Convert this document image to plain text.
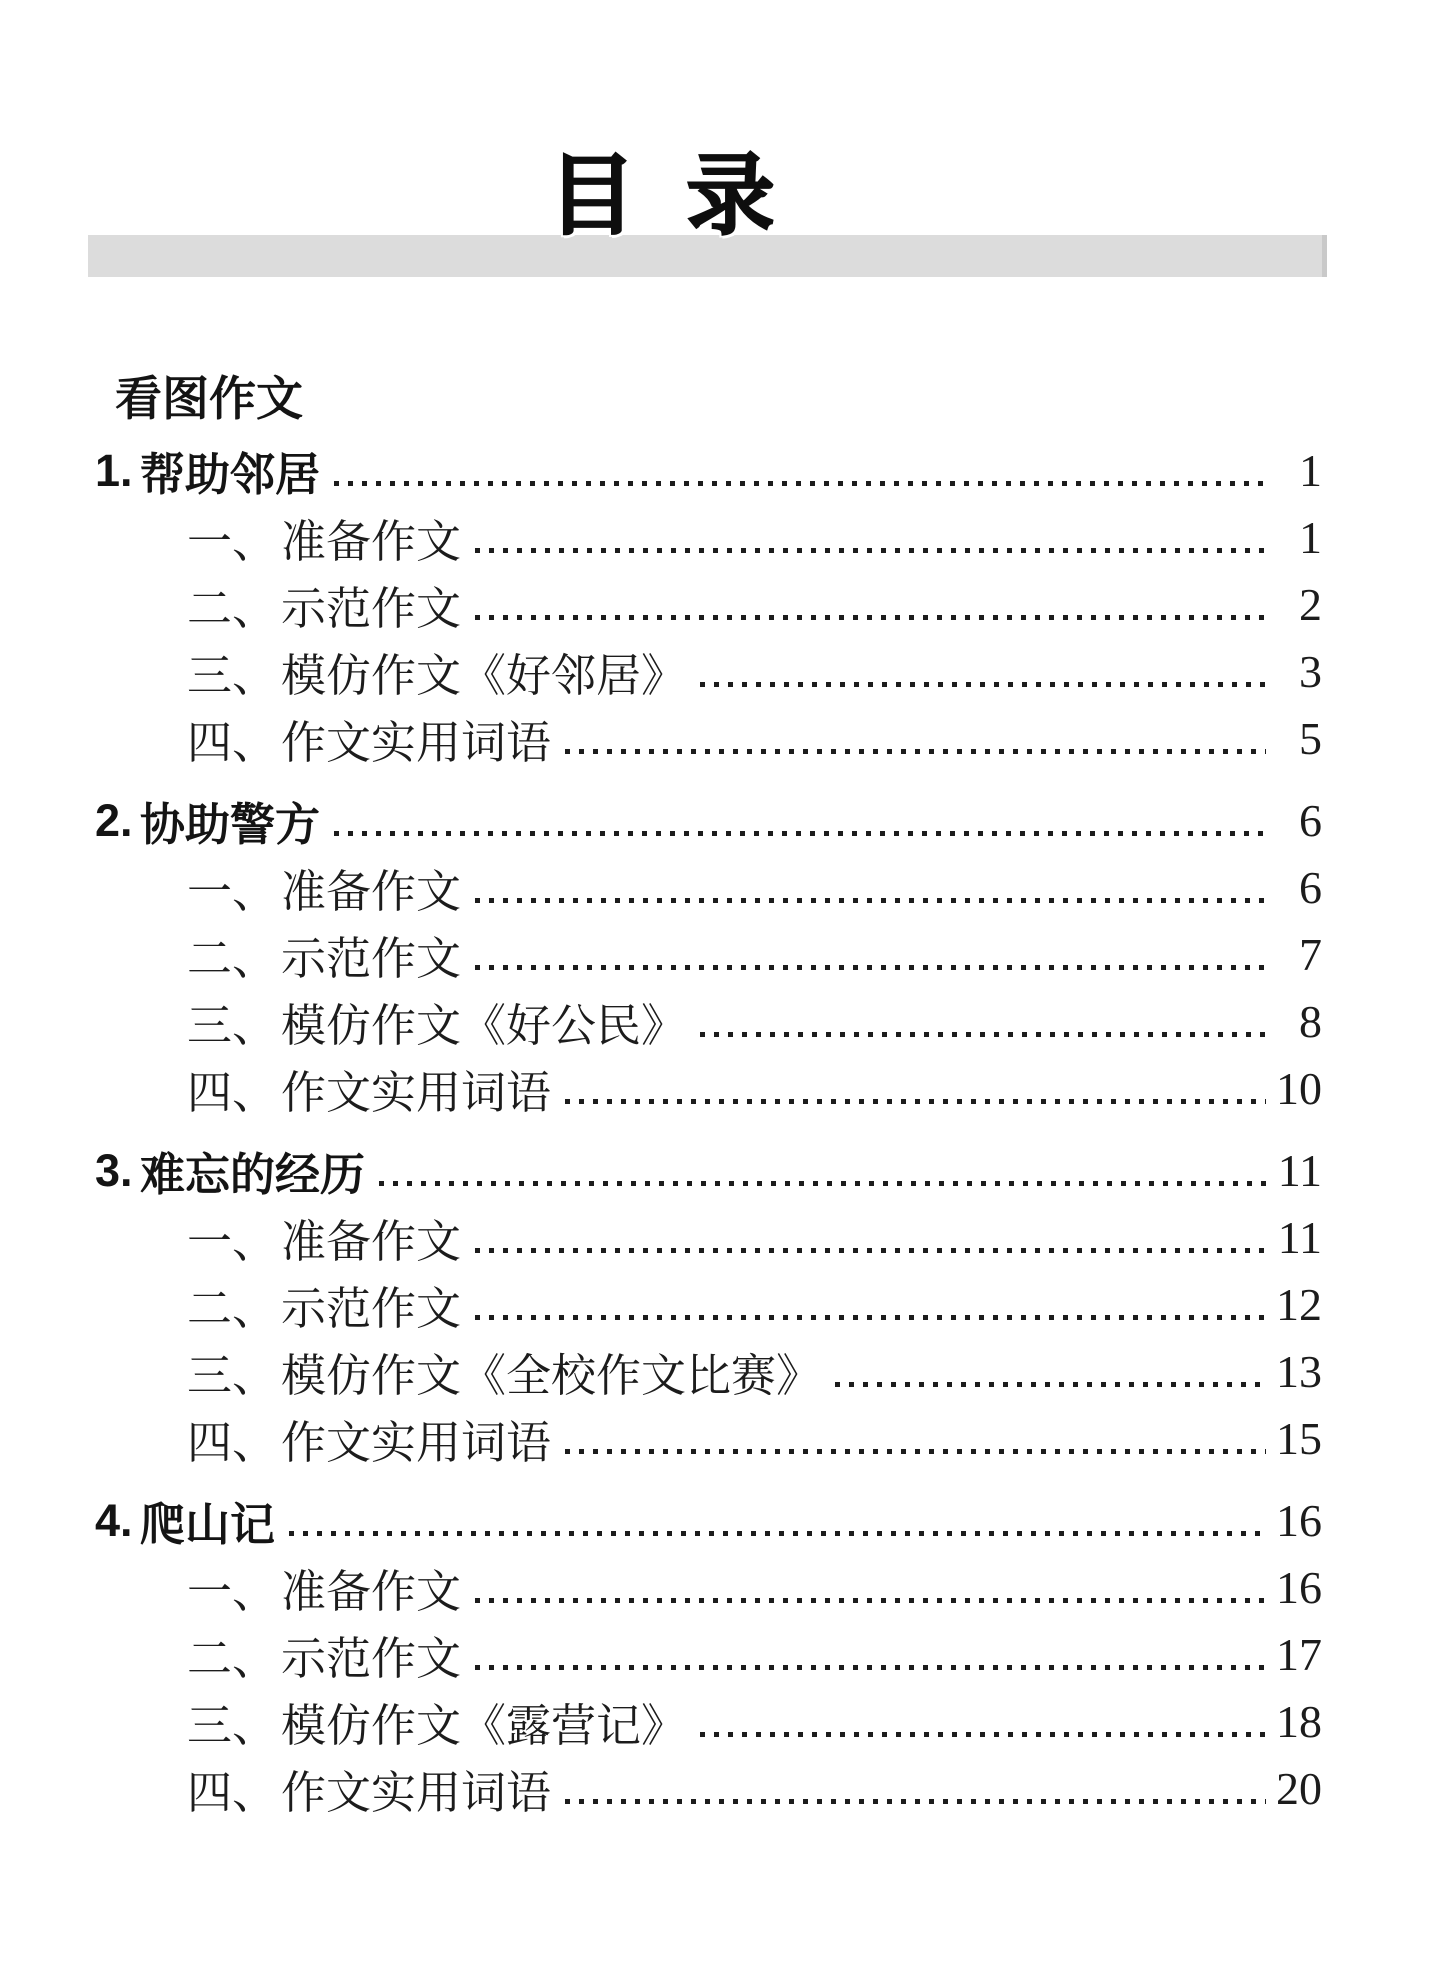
目 录
看图作文
1. 帮助邻居	1
一、 准备作文	1
二、 示范作文	2
三、 模仿作文《好邻居》	3
四、 作文实用词语	5
2. 协助警方	6
一、 准备作文	6
二、 示范作文	7
三、 模仿作文《好公民》	8
四、 作文实用词语	10
3. 难忘的经历	11
一、 准备作文	11
二、 示范作文	12
三、 模仿作文《全校作文比赛》	13
四、 作文实用词语	15
4. 爬山记	16
一、 准备作文	16
二、 示范作文	17
三、 模仿作文《露营记》	18
四、 作文实用词语	20
